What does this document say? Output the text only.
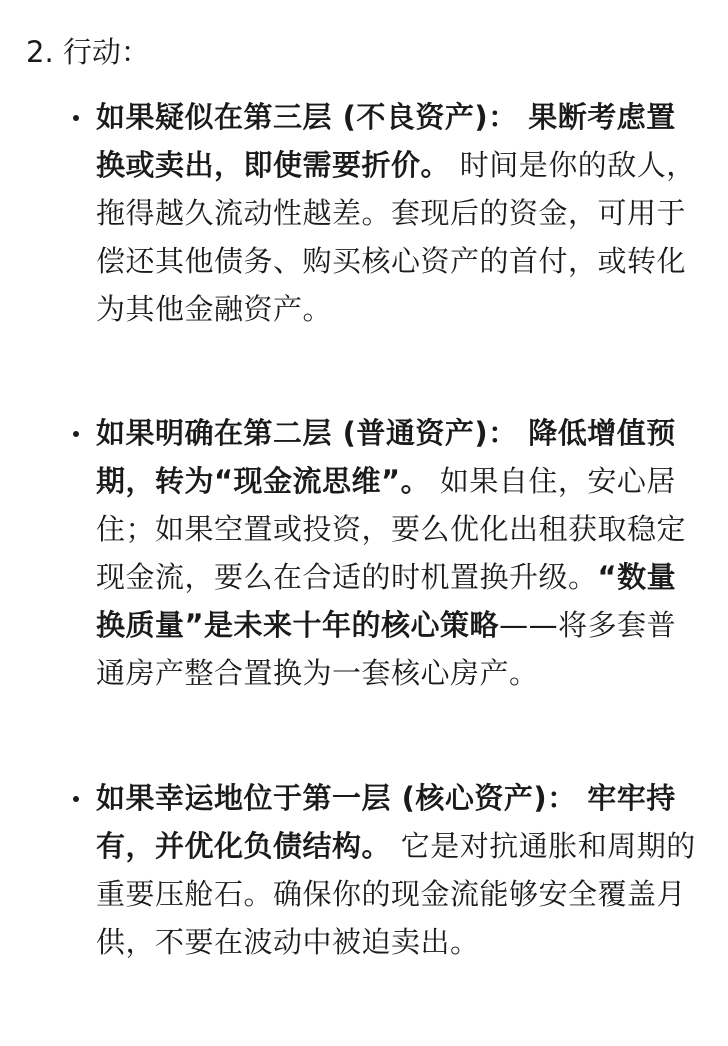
2. 行动：

如果疑似在第三层 (不良资产)： 果断考虑置换或卖出，即使需要折价。 时间是你的敌人，拖得越久流动性越差。套现后的资金，可用于偿还其他债务、购买核心资产的首付，或转化为其他金融资产。

如果明确在第二层 (普通资产)： 降低增值预期，转为“现金流思维”。 如果自住，安心居住；如果空置或投资，要么优化出租获取稳定现金流，要么在合适的时机置换升级。“数量换质量”是未来十年的核心策略——将多套普通房产整合置换为一套核心房产。

如果幸运地位于第一层 (核心资产)： 牢牢持有，并优化负债结构。 它是对抗通胀和周期的重要压舱石。确保你的现金流能够安全覆盖月供，不要在波动中被迫卖出。
